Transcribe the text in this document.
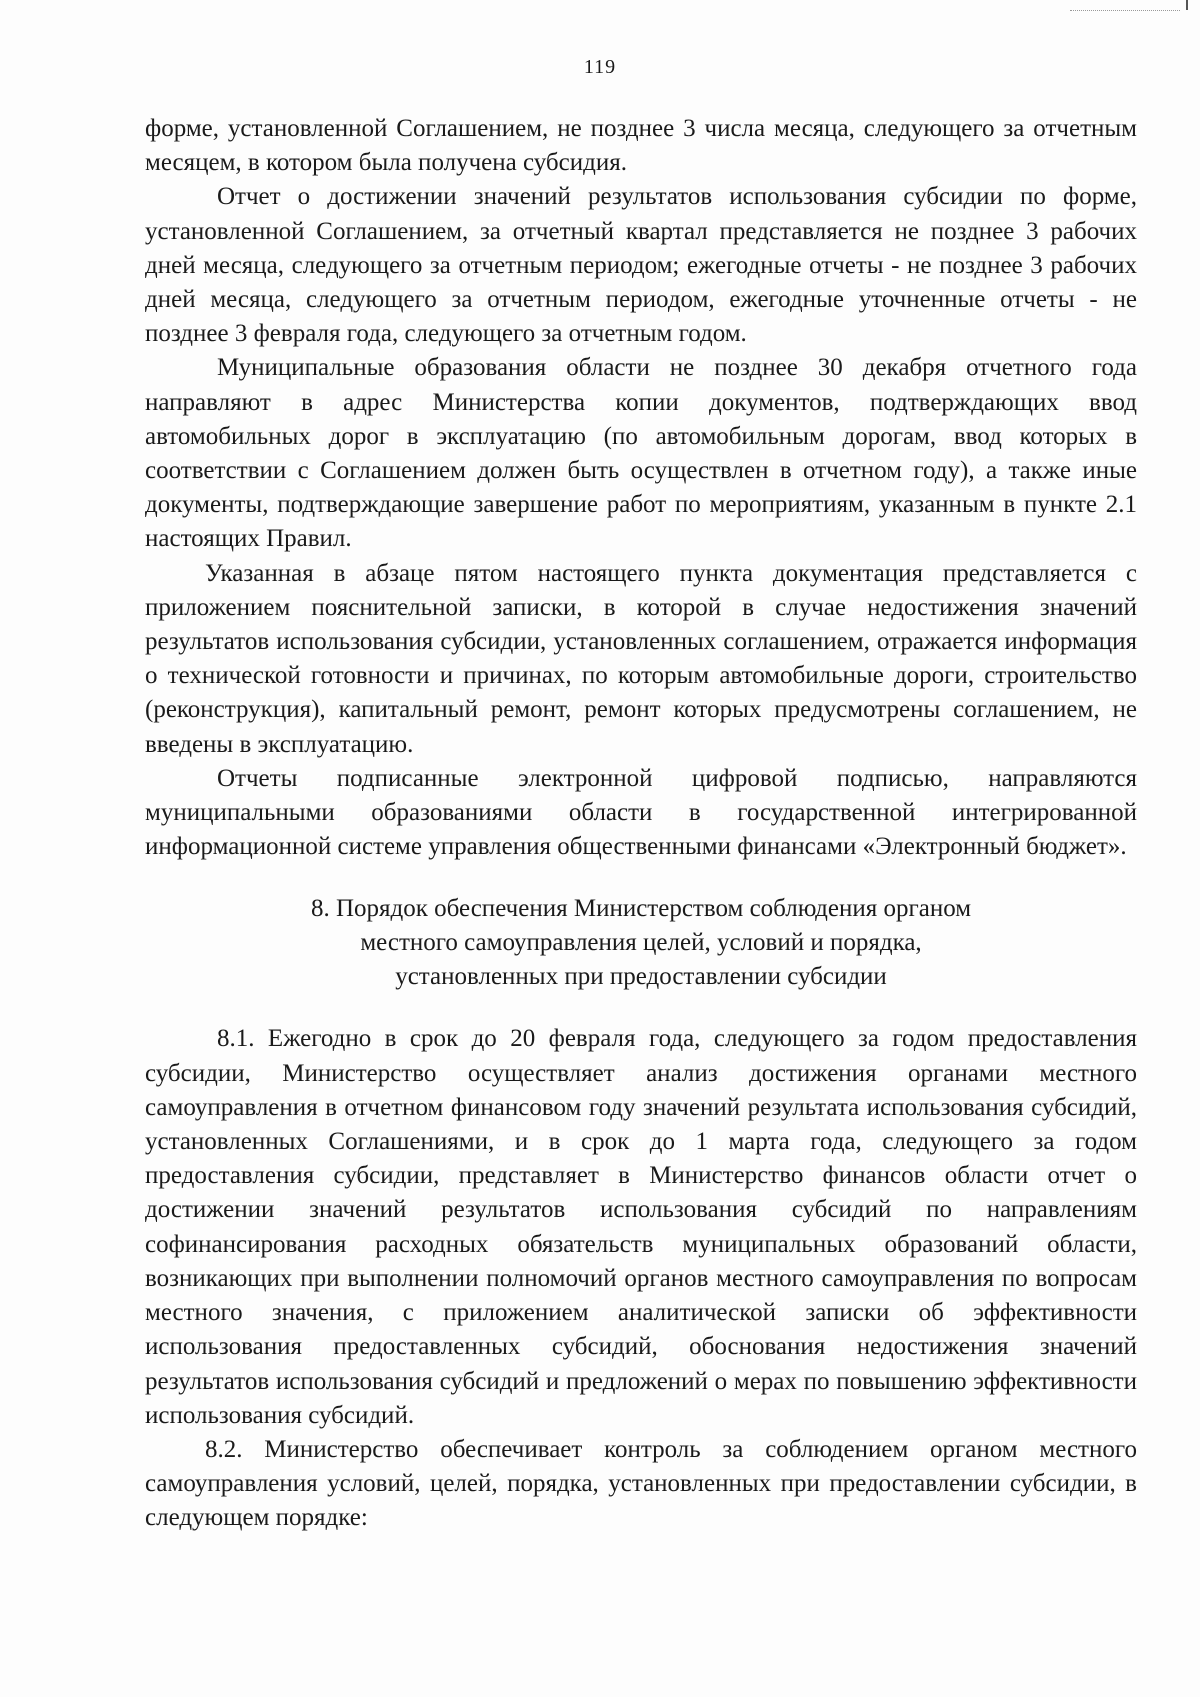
119

форме, установленной Соглашением, не позднее 3 числа месяца, следующего за отчетным месяцем, в котором была получена субсидия.

Отчет о достижении значений результатов использования субсидии по форме, установленной Соглашением, за отчетный квартал представляется не позднее 3 рабочих дней месяца, следующего за отчетным периодом; ежегодные отчеты - не позднее 3 рабочих дней месяца, следующего за отчетным периодом, ежегодные уточненные отчеты - не позднее 3 февраля года, следующего за отчетным годом.

Муниципальные образования области не позднее 30 декабря отчетного года направляют в адрес Министерства копии документов, подтверждающих ввод автомобильных дорог в эксплуатацию (по автомобильным дорогам, ввод которых в соответствии с Соглашением должен быть осуществлен в отчетном году), а также иные документы, подтверждающие завершение работ по мероприятиям, указанным в пункте 2.1 настоящих Правил.

Указанная в абзаце пятом настоящего пункта документация представляется с приложением пояснительной записки, в которой в случае недостижения значений результатов использования субсидии, установленных соглашением, отражается информация о технической готовности и причинах, по которым автомобильные дороги, строительство (реконструкция), капитальный ремонт, ремонт которых предусмотрены соглашением, не введены в эксплуатацию.

Отчеты подписанные электронной цифровой подписью, направляются муниципальными образованиями области в государственной интегрированной информационной системе управления общественными финансами «Электронный бюджет».

8. Порядок обеспечения Министерством соблюдения органом
местного самоуправления целей, условий и порядка,
установленных при предоставлении субсидии

8.1. Ежегодно в срок до 20 февраля года, следующего за годом предоставления субсидии, Министерство осуществляет анализ достижения органами местного самоуправления в отчетном финансовом году значений результата использования субсидий, установленных Соглашениями, и в срок до 1 марта года, следующего за годом предоставления субсидии, представляет в Министерство финансов области отчет о достижении значений результатов использования субсидий по направлениям софинансирования расходных обязательств муниципальных образований области, возникающих при выполнении полномочий органов местного самоуправления по вопросам местного значения, с приложением аналитической записки об эффективности использования предоставленных субсидий, обоснования недостижения значений результатов использования субсидий и предложений о мерах по повышению эффективности использования субсидий.

8.2. Министерство обеспечивает контроль за соблюдением органом местного самоуправления условий, целей, порядка, установленных при предоставлении субсидии, в следующем порядке:
